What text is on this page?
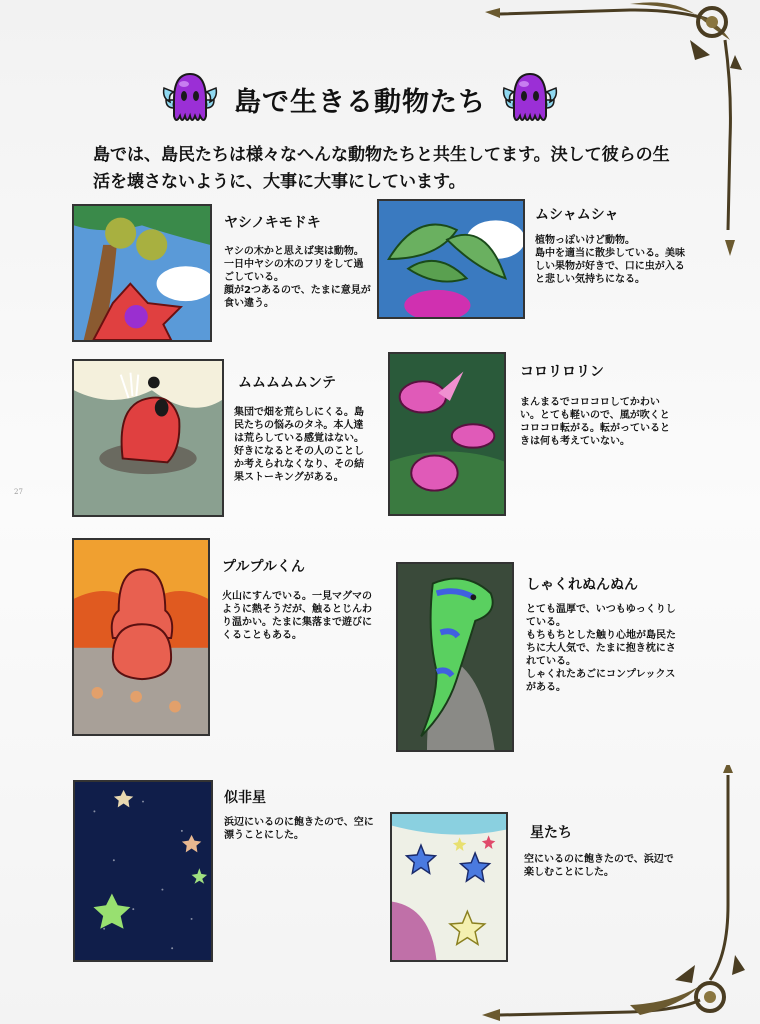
27
島で生きる動物たち

島では、島民たちは様々なへんな動物たちと共生してます。決して彼らの生活を壊さないように、大事に大事にしています。

ヤシノキモドキ

ヤシの木かと思えば実は動物。一日中ヤシの木のフリをして過ごしている。
顔が2つあるので、たまに意見が食い違う。

ムシャムシャ

植物っぽいけど動物。
島中を適当に散歩している。美味しい果物が好きで、口に虫が入ると悲しい気持ちになる。

ムムムムムンテ

集団で畑を荒らしにくる。島民たちの悩みのタネ。本人達は荒らしている感覚はない。
好きになるとその人のことしか考えられなくなり、その結果ストーキングがある。

コロリロリン

まんまるでコロコロしてかわいい。とても軽いので、風が吹くとコロコロ転がる。転がっているときは何も考えていない。

プルプルくん

火山にすんでいる。一見マグマのように熱そうだが、触るとじんわり温かい。たまに集落まで遊びにくることもある。

しゃくれぬんぬん

とても温厚で、いつもゆっくりしている。
もちもちとした触り心地が島民たちに大人気で、たまに抱き枕にされている。
しゃくれたあごにコンプレックスがある。

似非星

浜辺にいるのに飽きたので、空に漂うことにした。	星たち

空にいるのに飽きたので、浜辺で楽しむことにした。
